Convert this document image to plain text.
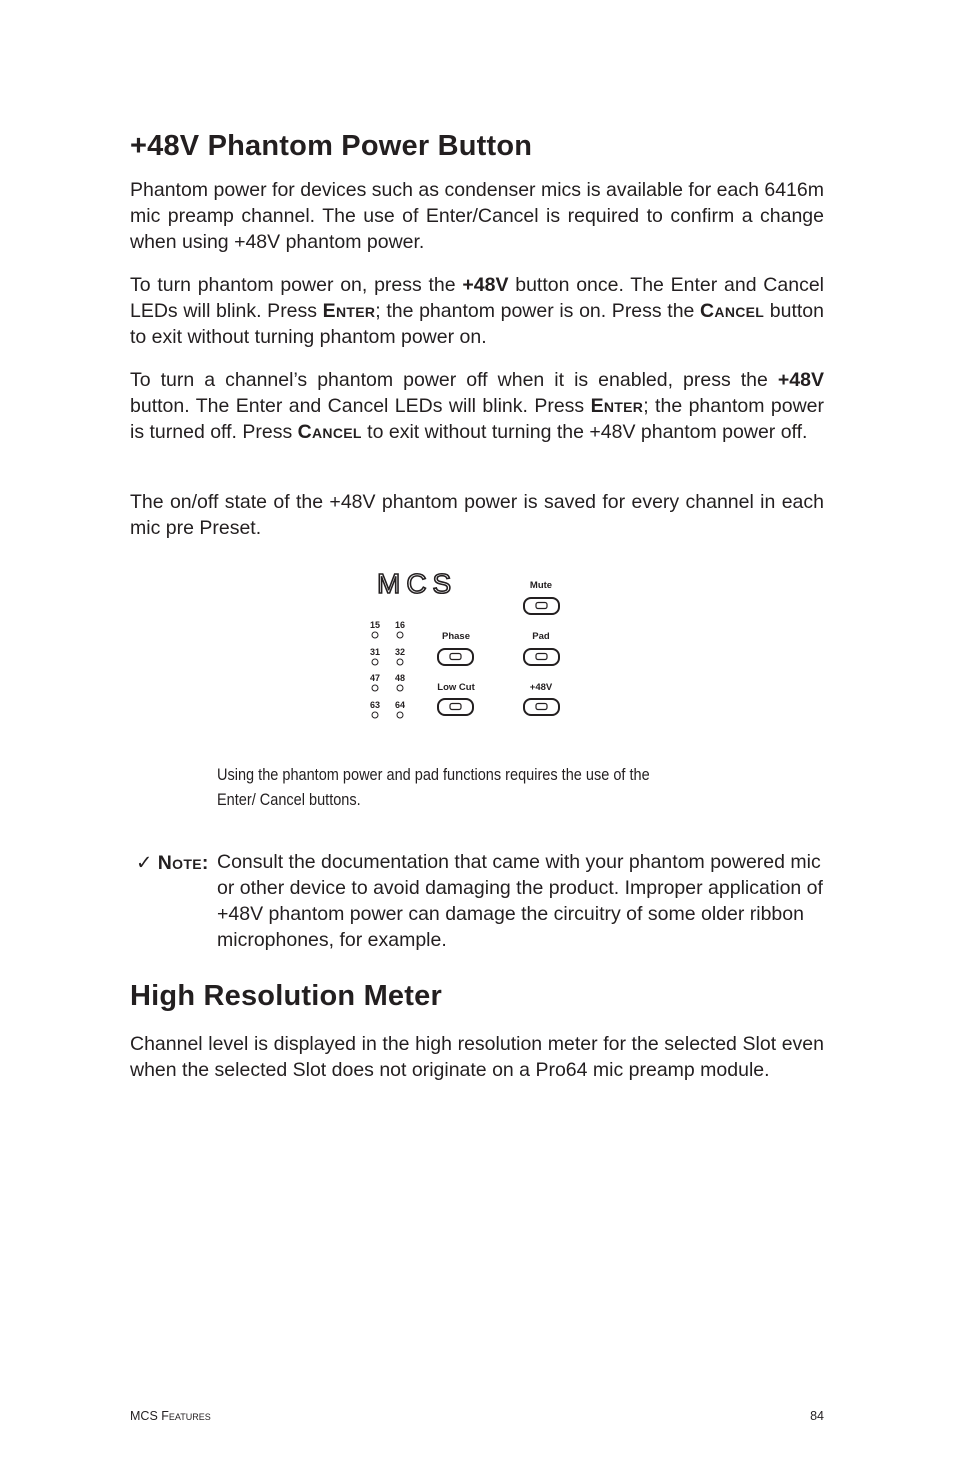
+48V Phantom Power Button
Phantom power for devices such as condenser mics is available for each 6416m mic preamp channel. The use of Enter/Cancel is required to confirm a change when using +48V phantom power.
To turn phantom power on, press the +48V button once. The Enter and Cancel LEDs will blink. Press Enter; the phantom power is on. Press the Cancel button to exit without turning phantom power on.
To turn a channel’s phantom power off when it is enabled, press the +48V button. The Enter and Cancel LEDs will blink. Press Enter; the phantom power is turned off. Press Cancel to exit without turning the +48V phantom power off.
The on/off state of the +48V phantom power is saved for every channel in each mic pre Preset.
MCS	Mute
15 16
31 32
47 48
63 64
Phase	Pad
Low Cut	+48V
Using the phantom power and pad functions requires the use of the Enter/ Cancel buttons.
✓ Note: Consult the documentation that came with your phantom powered mic or other device to avoid damaging the product. Improper application of +48V phantom power can damage the circuitry of some older ribbon microphones, for example.
High Resolution Meter
Channel level is displayed in the high resolution meter for the selected Slot even when the selected Slot does not originate on a Pro64 mic preamp module.
MCS Features	84
